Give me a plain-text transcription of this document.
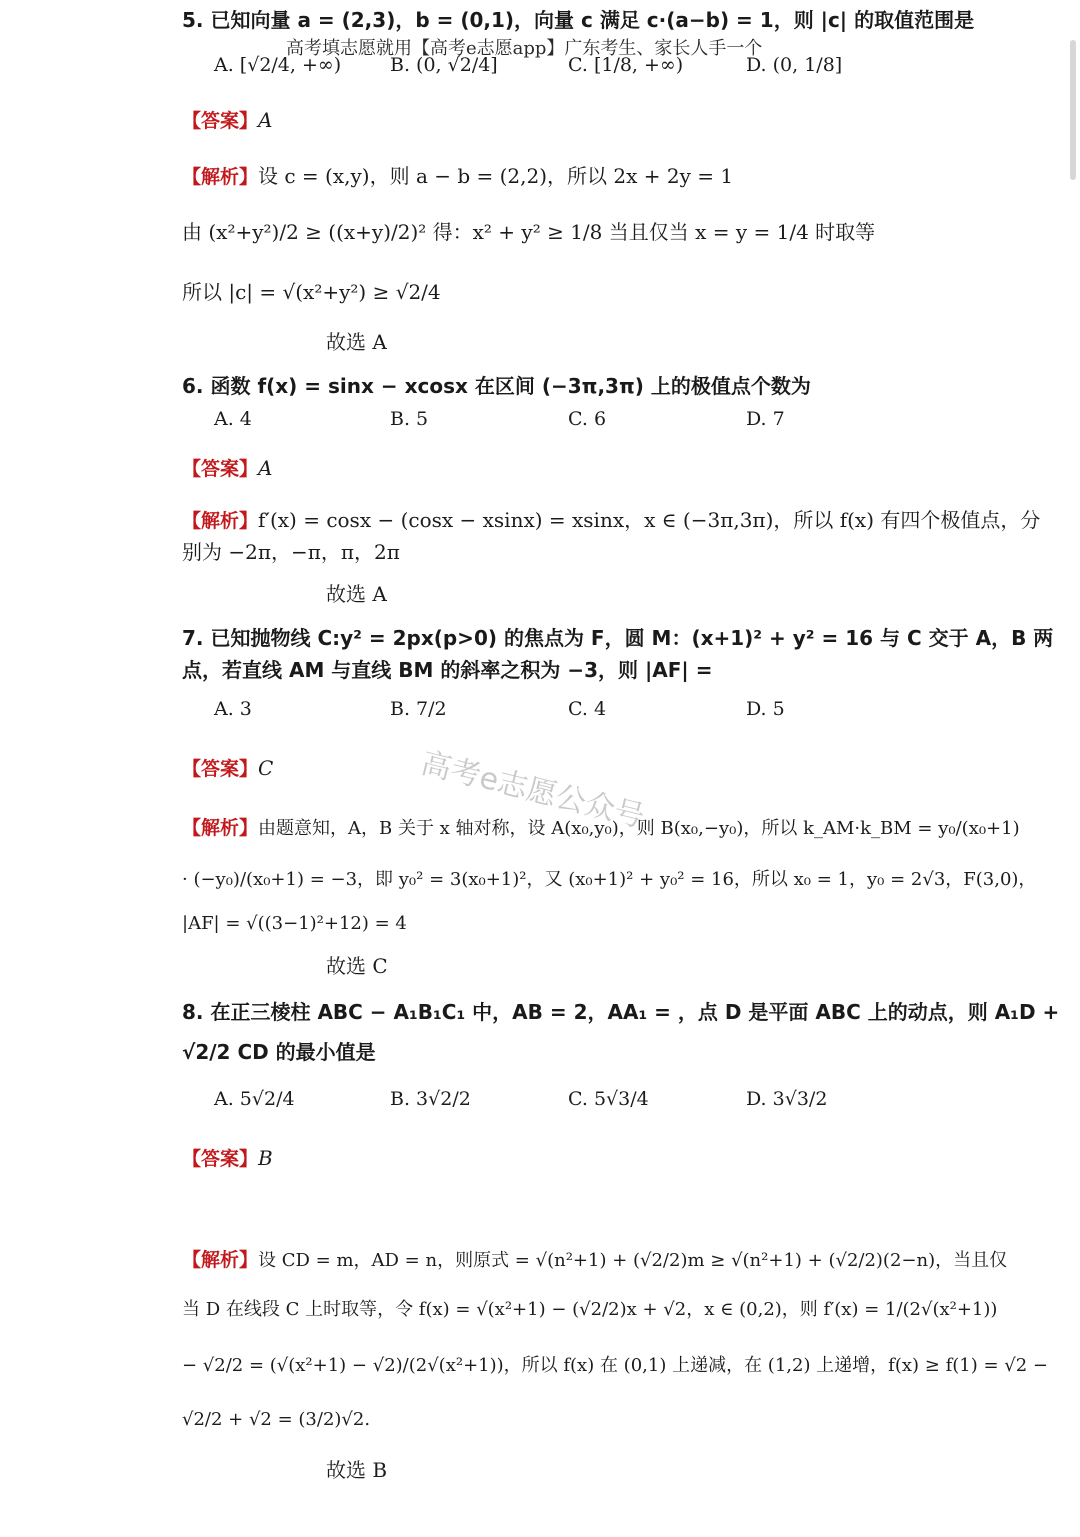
高考填志愿就用【高考e志愿app】广东考生、家长人手一个
高考e志愿公众号
5. 已知向量 a = (2,3)，b = (0,1)，向量 c 满足 c·(a−b) = 1，则 |c| 的取值范围是
A. [√2/4, +∞)	B. (0, √2/4]	C. [1/8, +∞)	D. (0, 1/8]
【答案】A
【解析】设 c = (x,y)，则 a − b = (2,2)，所以 2x + 2y = 1
由 (x²+y²)/2 ≥ ((x+y)/2)² 得：x² + y² ≥ 1/8 当且仅当 x = y = 1/4 时取等
所以 |c| = √(x²+y²) ≥ √2/4
故选 A
6. 函数 f(x) = sinx − xcosx 在区间 (−3π,3π) 上的极值点个数为
A. 4	B. 5	C. 6	D. 7
【答案】A
【解析】f′(x) = cosx − (cosx − xsinx) = xsinx，x ∈ (−3π,3π)，所以 f(x) 有四个极值点，分
别为 −2π，−π，π，2π
故选 A
7. 已知抛物线 C:y² = 2px(p>0) 的焦点为 F，圆 M：(x+1)² + y² = 16 与 C 交于 A，B 两
点，若直线 AM 与直线 BM 的斜率之积为 −3，则 |AF| =
A. 3	B. 7/2	C. 4	D. 5
【答案】C
【解析】由题意知，A，B 关于 x 轴对称，设 A(x₀,y₀)，则 B(x₀,−y₀)，所以 k_AM·k_BM = y₀/(x₀+1)
· (−y₀)/(x₀+1) = −3，即 y₀² = 3(x₀+1)²，又 (x₀+1)² + y₀² = 16，所以 x₀ = 1，y₀ = 2√3，F(3,0)，
|AF| = √((3−1)²+12) = 4
故选 C
8. 在正三棱柱 ABC − A₁B₁C₁ 中，AB = 2，AA₁ = ，点 D 是平面 ABC 上的动点，则 A₁D +
√2/2 CD 的最小值是
A. 5√2/4	B. 3√2/2	C. 5√3/4	D. 3√3/2
【答案】B
【解析】设 CD = m，AD = n，则原式 = √(n²+1) + (√2/2)m ≥ √(n²+1) + (√2/2)(2−n)，当且仅
当 D 在线段 C 上时取等，令 f(x) = √(x²+1) − (√2/2)x + √2，x ∈ (0,2)，则 f′(x) = 1/(2√(x²+1))
− √2/2 = (√(x²+1) − √2)/(2√(x²+1))，所以 f(x) 在 (0,1) 上递减，在 (1,2) 上递增，f(x) ≥ f(1) = √2 −
√2/2 + √2 = (3/2)√2.
故选 B
